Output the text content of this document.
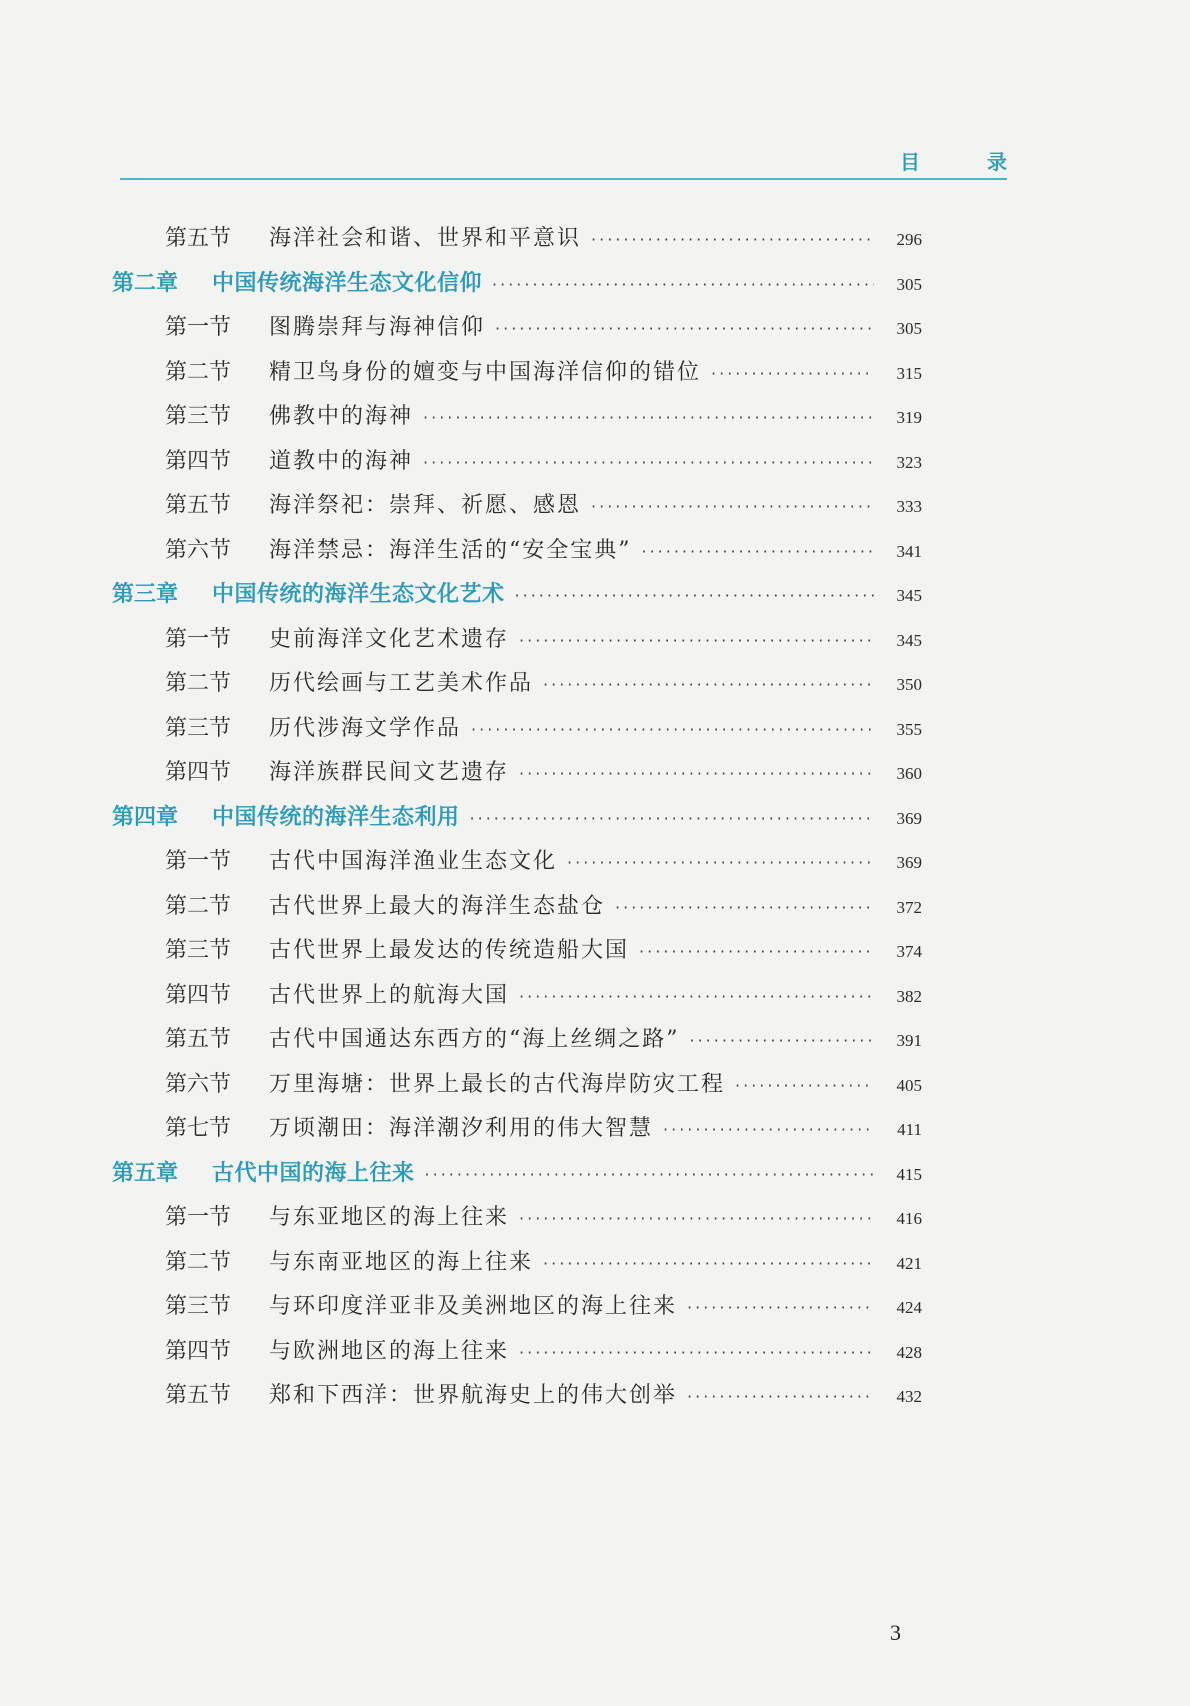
目 录
第五节	海洋社会和谐、世界和平意识 ·····	296
第二章	中国传统海洋生态文化信仰 ·····	305
第一节	图腾崇拜与海神信仰 ·····	305
第二节	精卫鸟身份的嬗变与中国海洋信仰的错位 ·····	315
第三节	佛教中的海神 ·····	319
第四节	道教中的海神 ·····	323
第五节	海洋祭祀：崇拜、祈愿、感恩 ·····	333
第六节	海洋禁忌：海洋生活的“安全宝典” ·····	341
第三章	中国传统的海洋生态文化艺术 ·····	345
第一节	史前海洋文化艺术遗存 ·····	345
第二节	历代绘画与工艺美术作品 ·····	350
第三节	历代涉海文学作品 ·····	355
第四节	海洋族群民间文艺遗存 ·····	360
第四章	中国传统的海洋生态利用 ·····	369
第一节	古代中国海洋渔业生态文化 ·····	369
第二节	古代世界上最大的海洋生态盐仓 ·····	372
第三节	古代世界上最发达的传统造船大国 ·····	374
第四节	古代世界上的航海大国 ·····	382
第五节	古代中国通达东西方的“海上丝绸之路” ·····	391
第六节	万里海塘：世界上最长的古代海岸防灾工程 ·····	405
第七节	万顷潮田：海洋潮汐利用的伟大智慧 ·····	411
第五章	古代中国的海上往来 ·····	415
第一节	与东亚地区的海上往来 ·····	416
第二节	与东南亚地区的海上往来 ·····	421
第三节	与环印度洋亚非及美洲地区的海上往来 ·····	424
第四节	与欧洲地区的海上往来 ·····	428
第五节	郑和下西洋：世界航海史上的伟大创举 ·····	432
3
